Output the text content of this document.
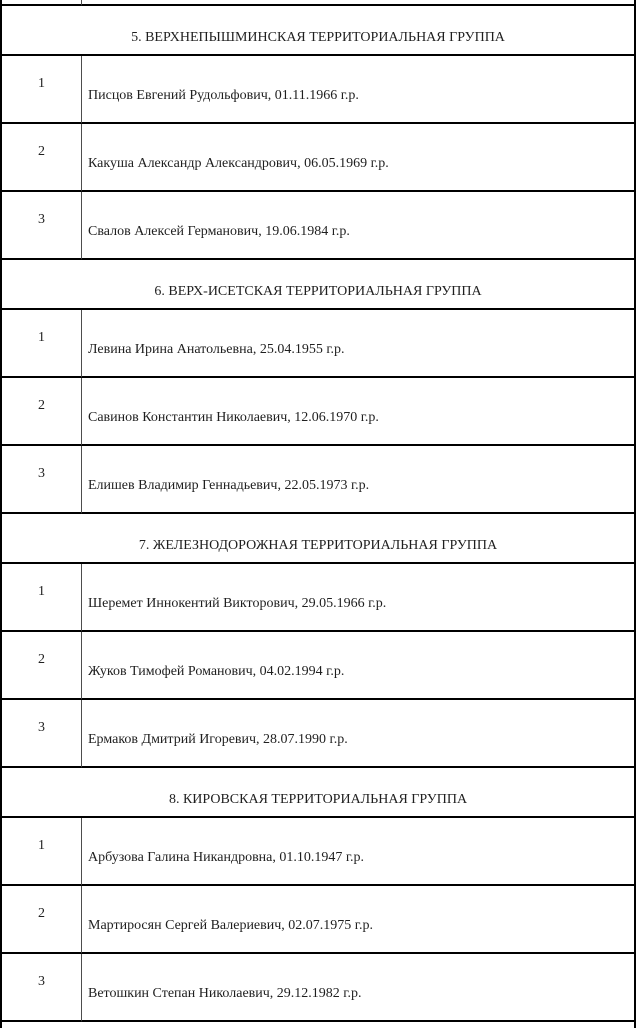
5. ВЕРХНЕПЫШМИНСКАЯ ТЕРРИТОРИАЛЬНАЯ ГРУППА	
1	Писцов Евгений Рудольфович, 01.11.1966 г.р.
2	Какуша Александр Александрович, 06.05.1969 г.р.
3	Свалов Алексей Германович, 19.06.1984 г.р.
6. ВЕРХ-ИСЕТСКАЯ ТЕРРИТОРИАЛЬНАЯ ГРУППА	
1	Левина Ирина Анатольевна, 25.04.1955 г.р.
2	Савинов Константин Николаевич, 12.06.1970 г.р.
3	Елишев Владимир Геннадьевич, 22.05.1973 г.р.
7. ЖЕЛЕЗНОДОРОЖНАЯ ТЕРРИТОРИАЛЬНАЯ ГРУППА	
1	Шеремет Иннокентий Викторович, 29.05.1966 г.р.
2	Жуков Тимофей Романович, 04.02.1994 г.р.
3	Ермаков Дмитрий Игоревич, 28.07.1990 г.р.
8. КИРОВСКАЯ ТЕРРИТОРИАЛЬНАЯ ГРУППА	
1	Арбузова Галина Никандровна, 01.10.1947 г.р.
2	Мартиросян Сергей Валериевич, 02.07.1975 г.р.
3	Ветошкин Степан Николаевич, 29.12.1982 г.р.
